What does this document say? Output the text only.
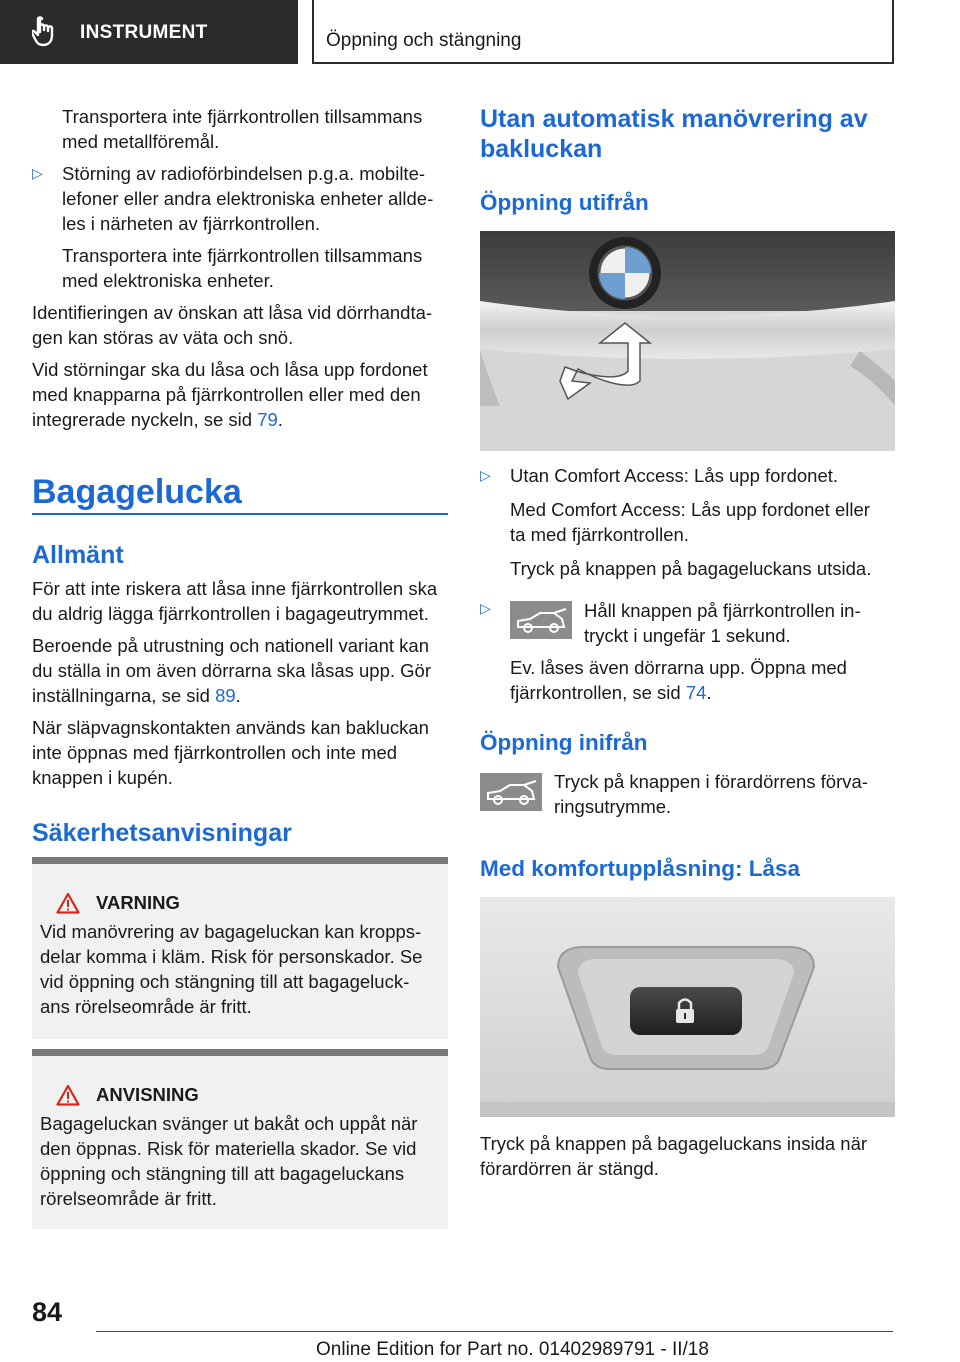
INSTRUMENT	Öppning och stängning

Transportera inte fjärrkontrollen tillsammans
med metallföremål.

▷ Störning av radioförbindelsen p.g.a. mobilte-
lefoner eller andra elektroniska enheter allde-
les i närheten av fjärrkontrollen.

Transportera inte fjärrkontrollen tillsammans
med elektroniska enheter.

Identifieringen av önskan att låsa vid dörrhandta-
gen kan störas av väta och snö.

Vid störningar ska du låsa och låsa upp fordonet
med knapparna på fjärrkontrollen eller med den
integrerade nyckeln, se sid 79.

Bagagelucka
Allmänt

För att inte riskera att låsa inne fjärrkontrollen ska
du aldrig lägga fjärrkontrollen i bagageutrymmet.

Beroende på utrustning och nationell variant kan
du ställa in om även dörrarna ska låsas upp. Gör
inställningarna, se sid 89.

När släpvagnskontakten används kan bakluckan
inte öppnas med fjärrkontrollen och inte med
knappen i kupén.

Säkerhetsanvisningar
VARNING

Vid manövrering av bagageluckan kan kropps-
delar komma i kläm. Risk för personskador. Se
vid öppning och stängning till att bagageluck-
ans rörelseområde är fritt.

ANVISNING

Bagageluckan svänger ut bakåt och uppåt när
den öppnas. Risk för materiella skador. Se vid
öppning och stängning till att bagageluckans
rörelseområde är fritt.

Utan automatisk manövrering av
bakluckan
Öppning utifrån

▷ Utan Comfort Access: Lås upp fordonet.

Med Comfort Access: Lås upp fordonet eller
ta med fjärrkontrollen.

Tryck på knappen på bagageluckans utsida.

▷	Håll knappen på fjärrkontrollen in-
tryckt i ungefär 1 sekund.

Ev. låses även dörrarna upp. Öppna med
fjärrkontrollen, se sid 74.

Öppning inifrån

Tryck på knappen i förardörrens förva-
ringsutrymme.

Med komfortupplåsning: Låsa

Tryck på knappen på bagageluckans insida när
förardörren är stängd.

84
Online Edition for Part no. 01402989791 - II/18
